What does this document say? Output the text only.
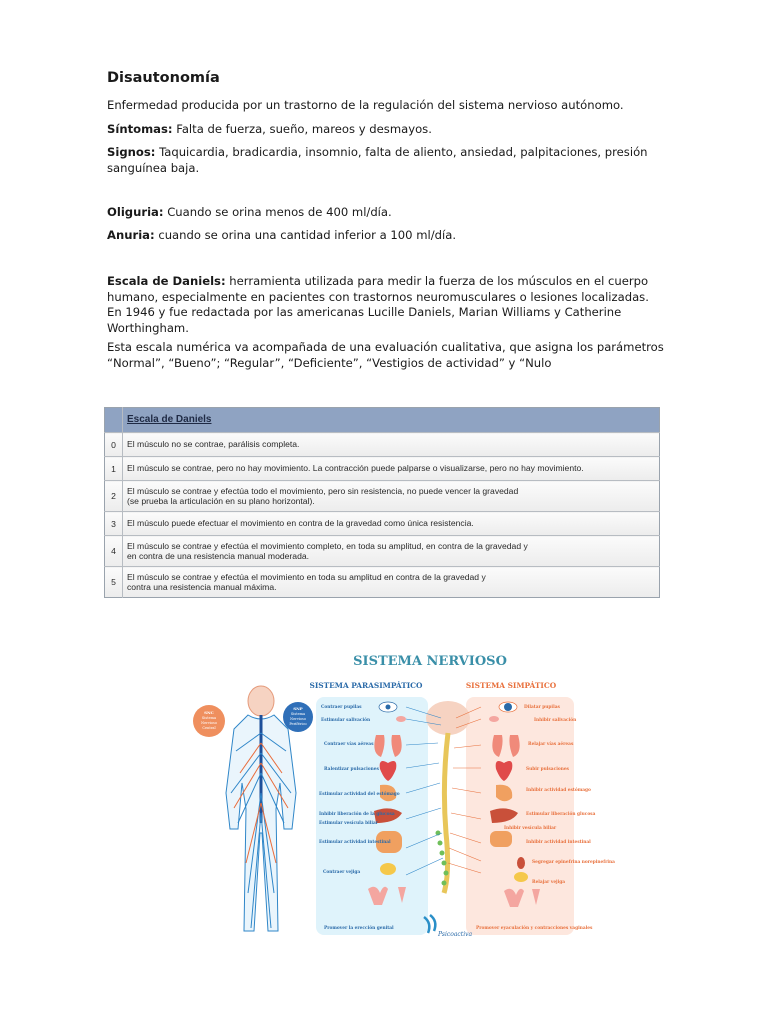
Disautonomía
Enfermedad producida por un trastorno de la regulación del sistema nervioso autónomo.
Síntomas: Falta de fuerza, sueño, mareos y desmayos.
Signos: Taquicardia, bradicardia, insomnio, falta de aliento, ansiedad, palpitaciones, presión sanguínea baja.
Oliguria: Cuando se orina menos de 400 ml/día.
Anuria: cuando se orina una cantidad inferior a 100 ml/día.
Escala de Daniels: herramienta utilizada para medir la fuerza de los músculos en el cuerpo humano, especialmente en pacientes con trastornos neuromusculares o lesiones localizadas. En 1946 y fue redactada por las americanas Lucille Daniels, Marian Williams y Catherine Worthingham.
Esta escala numérica va acompañada de una evaluación cualitativa, que asigna los parámetros “Normal”, “Bueno”; “Regular”, “Deficiente”, “Vestigios de actividad” y “Nulo
	Escala de Daniels
0	El músculo no se contrae, parálisis completa.
1	El músculo se contrae, pero no hay movimiento. La contracción puede palparse o visualizarse, pero no hay movimiento.
2	El músculo se contrae y efectúa todo el movimiento, pero sin resistencia, no puede vencer la gravedad
(se prueba la articulación en su plano horizontal).

3	El músculo puede efectuar el movimiento en contra de la gravedad como única resistencia.
4	El músculo se contrae y efectúa el movimiento completo, en toda su amplitud, en contra de la gravedad y
en contra de una resistencia manual moderada.

5	El músculo se contrae y efectúa el movimiento en toda su amplitud en contra de la gravedad y
contra una resistencia manual máxima.
SISTEMA NERVIOSO
SISTEMA PARASIMPÁTICO	SISTEMA SIMPÁTICO
SNC
Sistema
Nervioso
Central
SNP
Sistema
Nervioso
Periférico
Contraer pupilas
Estimular salivación
Contraer vías aéreas
Ralentizar pulsaciones
Estimular actividad del estómago
Inhibir liberación de la glucosa
Estimular vesícula biliar
Estimular actividad intestinal
Contraer vejiga
Promover la erección genital
Dilatar pupilas
Inhibir salivación
Relajar vías aéreas
Subir pulsaciones
Inhibir actividad estómago
Estimular liberación glucosa
Inhibir vesícula biliar
Inhibir actividad intestinal
Segregar epinefrina norepinefrina
Relajar vejiga
Promover eyaculación y contracciones vaginales
Psicoactiva
